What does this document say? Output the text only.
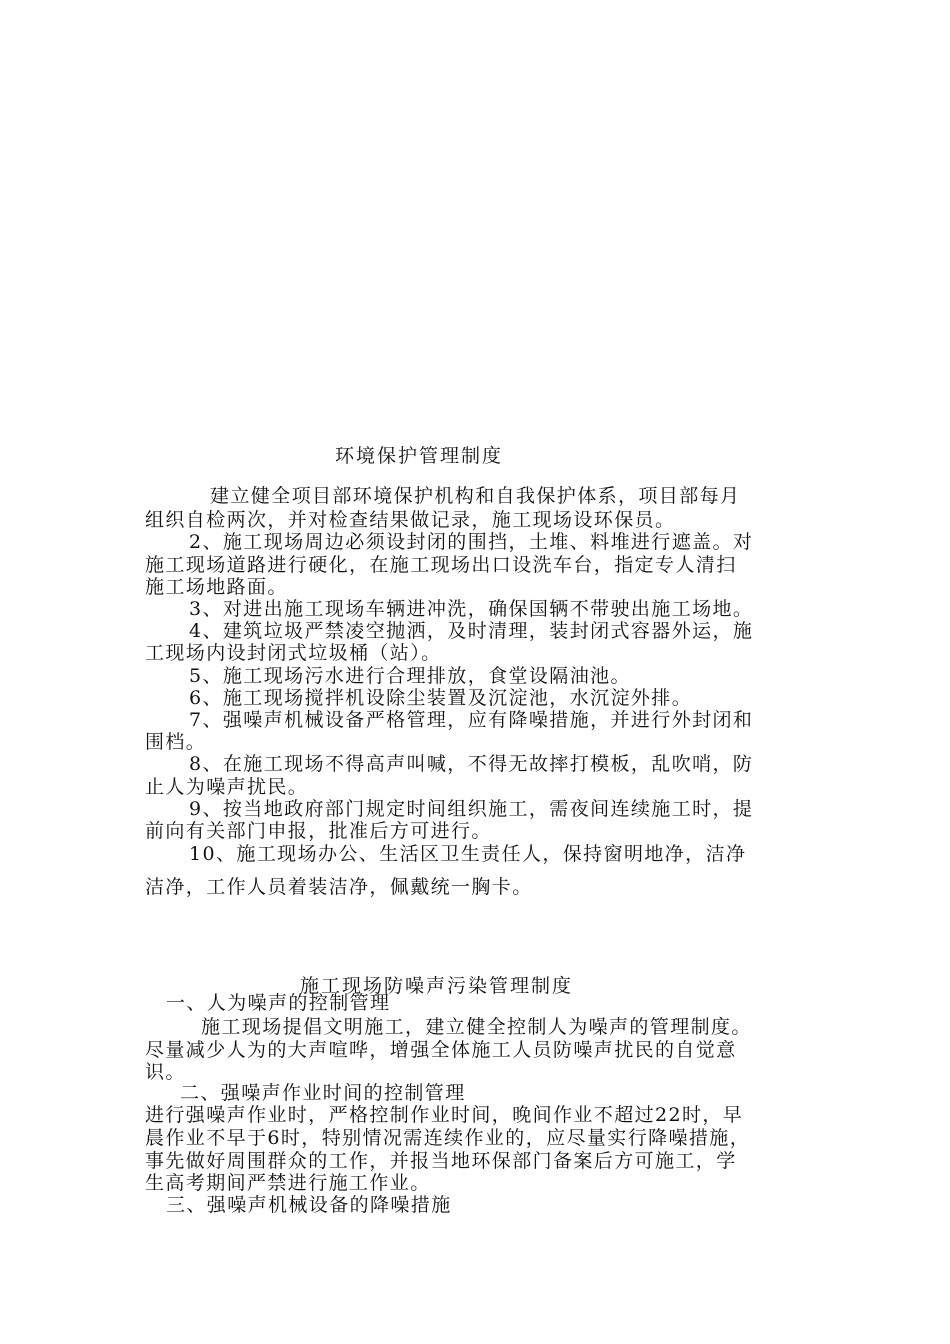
环境保护管理制度
建立健全项目部环境保护机构和自我保护体系，项目部每月
组织自检两次，并对检查结果做记录，施工现场设环保员。
2、施工现场周边必须设封闭的围挡，土堆、料堆进行遮盖。对
施工现场道路进行硬化，在施工现场出口设洗车台，指定专人清扫
施工场地路面。
3、对进出施工现场车辆进冲洗，确保国辆不带驶出施工场地。
4、建筑垃圾严禁凌空抛洒，及时清理，装封闭式容器外运，施
工现场内设封闭式垃圾桶（站）。
5、施工现场污水进行合理排放，食堂设隔油池。
6、施工现场搅拌机设除尘装置及沉淀池，水沉淀外排。
7、强噪声机械设备严格管理，应有降噪措施，并进行外封闭和
围档。
8、在施工现场不得高声叫喊，不得无故摔打模板，乱吹哨，防
止人为噪声扰民。
9、按当地政府部门规定时间组织施工，需夜间连续施工时，提
前向有关部门申报，批准后方可进行。
10、施工现场办公、生活区卫生责任人，保持窗明地净，洁净
洁净，工作人员着装洁净，佩戴统一胸卡。
施工现场防噪声污染管理制度
一、人为噪声的控制管理
施工现场提倡文明施工，建立健全控制人为噪声的管理制度。
尽量减少人为的大声喧哗，增强全体施工人员防噪声扰民的自觉意
识。
二、强噪声作业时间的控制管理
进行强噪声作业时，严格控制作业时间，晚间作业不超过22时，早
晨作业不早于6时，特别情况需连续作业的，应尽量实行降噪措施，
事先做好周围群众的工作，并报当地环保部门备案后方可施工，学
生高考期间严禁进行施工作业。
三、强噪声机械设备的降噪措施
